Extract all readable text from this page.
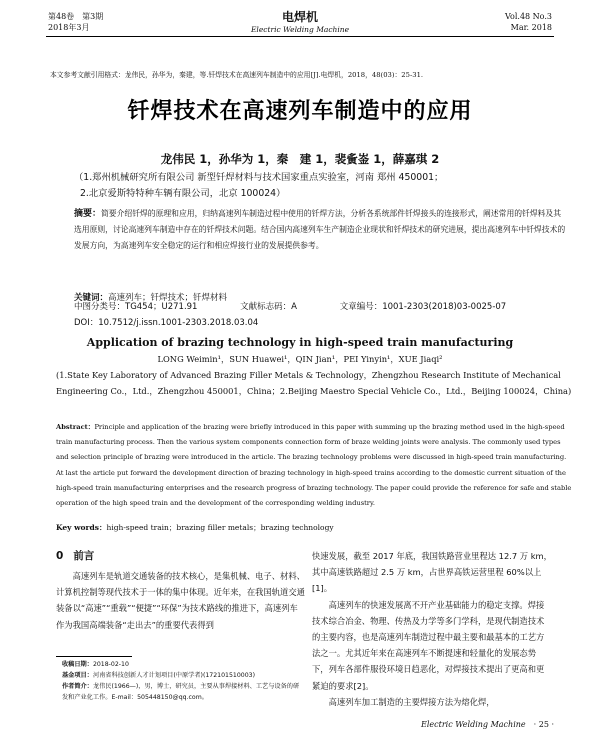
第48卷　第3期
2018年3月
电焊机
Electric Welding Machine
Vol.48 No.3
Mar. 2018
本文参考文献引用格式：龙伟民，孙华为，秦建，等.钎焊技术在高速列车制造中的应用[J].电焊机，2018，48(03)：25-31.
钎焊技术在高速列车制造中的应用
龙伟民 1，孙华为 1，秦　建 1，裴夤崟 1，薛嘉琪 2
（1.郑州机械研究所有限公司 新型钎焊材料与技术国家重点实验室，河南 郑州 450001；
2.北京爱斯特特种车辆有限公司，北京 100024）
摘要：简要介绍钎焊的原理和应用，归纳高速列车制造过程中使用的钎焊方法，分析各系统部件钎焊接头的连接形式，阐述常用的钎焊料及其选用原则，讨论高速列车制造中存在的钎焊技术问题。结合国内高速列车生产制造企业现状和钎焊技术的研究进展，提出高速列车中钎焊技术的发展方向，为高速列车安全稳定的运行和相应焊接行业的发展提供参考。
关键词：高速列车；钎焊技术；钎焊材料
中图分类号：TG454；U271.91	文献标志码：A	文章编号：1001-2303(2018)03-0025-07
DOI：10.7512/j.issn.1001-2303.2018.03.04
Application of brazing technology in high-speed train manufacturing
LONG Weimin¹，SUN Huawei¹，QIN Jian¹，PEI Yinyin¹，XUE Jiaqi²
(1.State Key Laboratory of Advanced Brazing Filler Metals & Technology，Zhengzhou Research Institute of Mechanical Engineering Co.，Ltd.，Zhengzhou 450001，China；2.Beijing Maestro Special Vehicle Co.，Ltd.，Beijing 100024，China)
Abstract：Principle and application of the brazing were briefly introduced in this paper with summing up the brazing method used in the high-speed train manufacturing process. Then the various system components connection form of braze welding joints were analysis. The commonly used types and selection principle of brazing were introduced in the article. The brazing technology problems were discussed in high-speed train manufacturing. At last the article put forward the development direction of brazing technology in high-speed trains according to the domestic current situation of the high-speed train manufacturing enterprises and the research progress of brazing technology. The paper could provide the reference for safe and stable operation of the high speed train and the development of the corresponding welding industry.
Key words：high-speed train；brazing filler metals；brazing technology
0 前言

高速列车是轨道交通装备的技术核心，是集机械、电子、材料、计算机控制等现代技术于一体的集中体现。近年来，在我国轨道交通装备以“高速”“重载”“便捷”“环保”为技术路线的推进下，高速列车作为我国高端装备“走出去”的重要代表得到

快速发展，截至 2017 年底，我国铁路营业里程达 12.7 万 km，其中高速铁路超过 2.5 万 km，占世界高铁运营里程 60%以上[1]。

高速列车的快速发展离不开产业基础能力的稳定支撑。焊接技术综合冶金、物理、传热及力学等多门学科，是现代制造技术的主要内容，也是高速列车制造过程中最主要和最基本的工艺方法之一。尤其近年来在高速列车不断提速和轻量化的发展态势下，列车各部件服役环境日趋恶化，对焊接技术提出了更高和更紧迫的要求[2]。

高速列车加工制造的主要焊接方法为熔化焊，

收稿日期：2018-02-10
基金项目：河南省科技创新人才计划项目(中原学者)(172101510003)
作者简介：龙伟民(1966—)，男，博士，研究员，主要从事焊接材料、工艺与设备的研发和产业化工作。E-mail：505448150@qq.com。
Electric Welding Machine · 25 ·
